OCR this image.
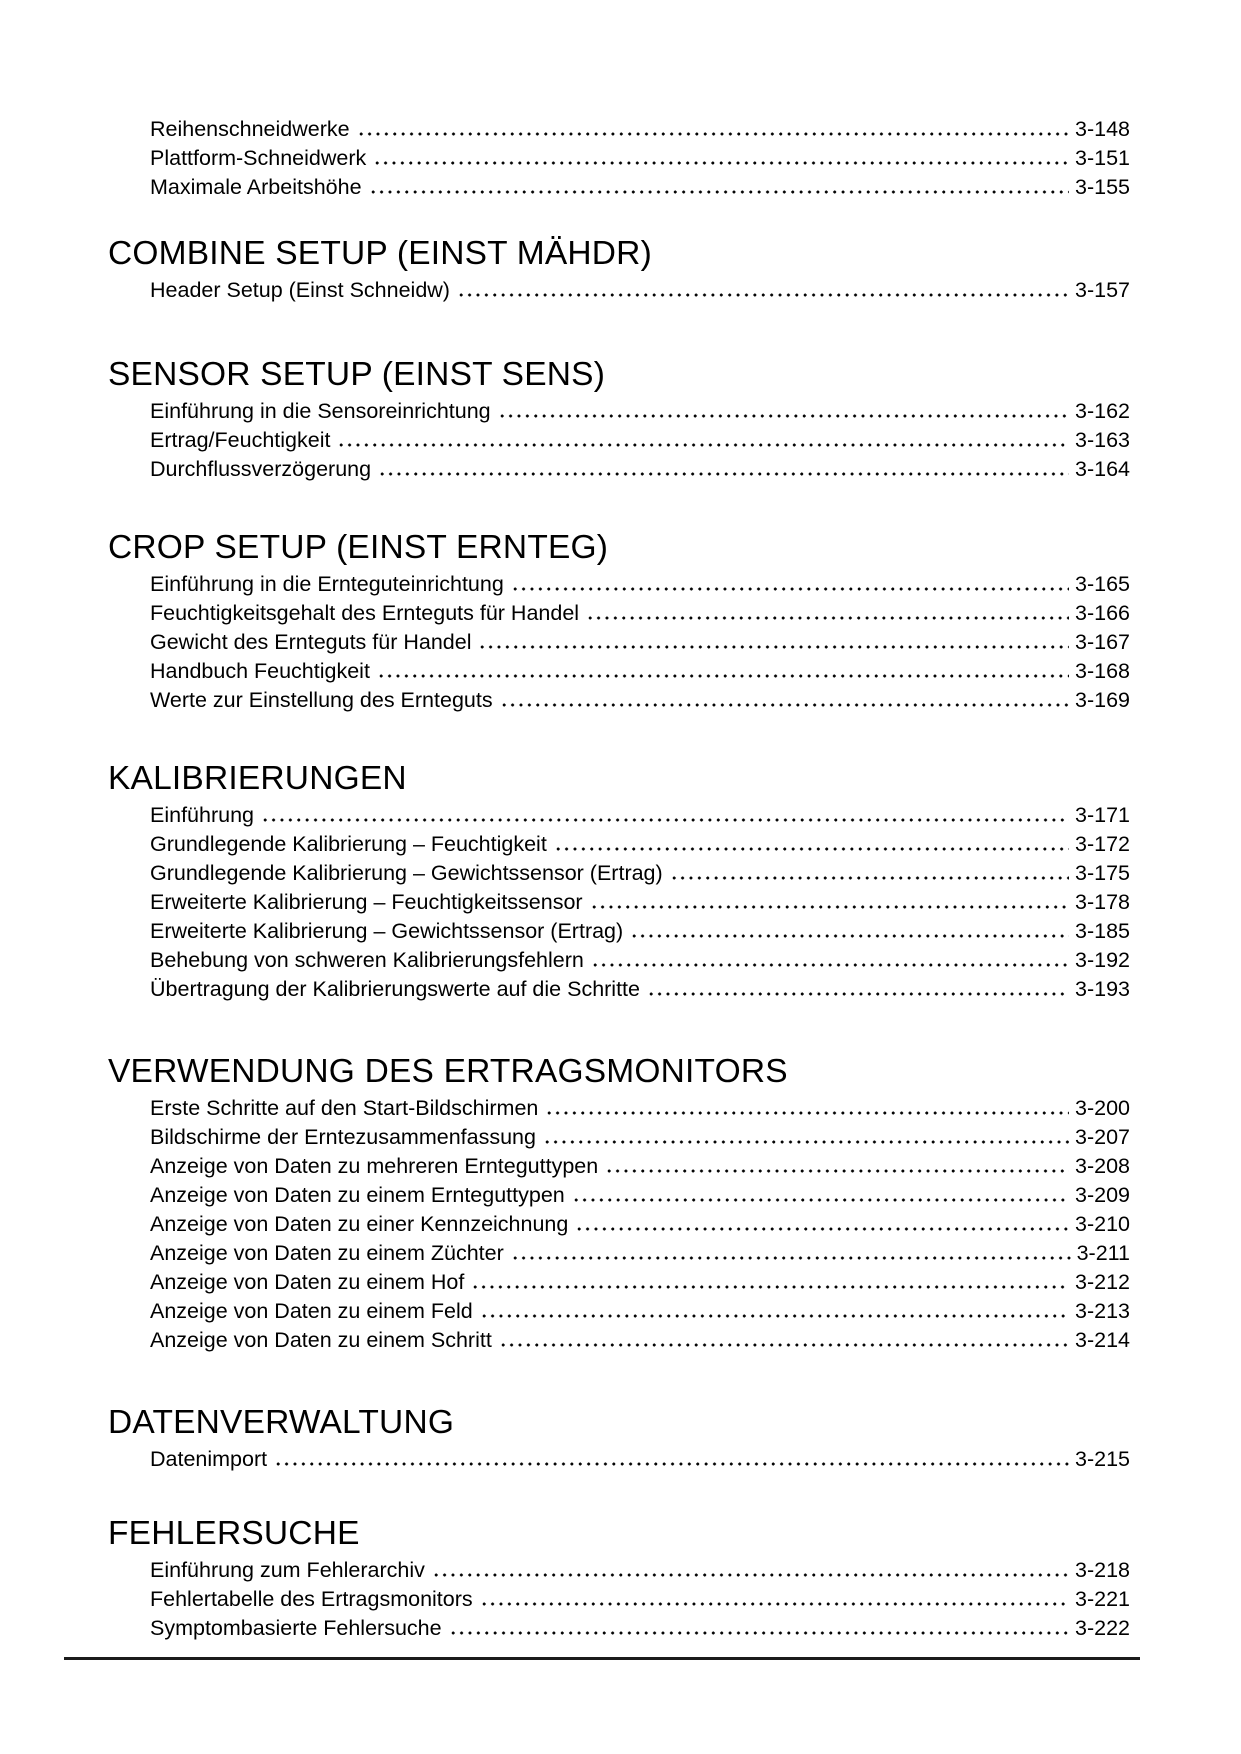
Reihenschneidwerke	3-148
Plattform-Schneidwerk	3-151
Maximale Arbeitshöhe	3-155
COMBINE SETUP (EINST MÄHDR)
Header Setup (Einst Schneidw)	3-157
SENSOR SETUP (EINST SENS)
Einführung in die Sensoreinrichtung	3-162
Ertrag/Feuchtigkeit	3-163
Durchflussverzögerung	3-164
CROP SETUP (EINST ERNTEG)
Einführung in die Ernteguteinrichtung	3-165
Feuchtigkeitsgehalt des Ernteguts für Handel	3-166
Gewicht des Ernteguts für Handel	3-167
Handbuch Feuchtigkeit	3-168
Werte zur Einstellung des Ernteguts	3-169
KALIBRIERUNGEN
Einführung	3-171
Grundlegende Kalibrierung – Feuchtigkeit	3-172
Grundlegende Kalibrierung – Gewichtssensor (Ertrag)	3-175
Erweiterte Kalibrierung – Feuchtigkeitssensor	3-178
Erweiterte Kalibrierung – Gewichtssensor (Ertrag)	3-185
Behebung von schweren Kalibrierungsfehlern	3-192
Übertragung der Kalibrierungswerte auf die Schritte	3-193
VERWENDUNG DES ERTRAGSMONITORS
Erste Schritte auf den Start-Bildschirmen	3-200
Bildschirme der Erntezusammenfassung	3-207
Anzeige von Daten zu mehreren Ernteguttypen	3-208
Anzeige von Daten zu einem Ernteguttypen	3-209
Anzeige von Daten zu einer Kennzeichnung	3-210
Anzeige von Daten zu einem Züchter	3-211
Anzeige von Daten zu einem Hof	3-212
Anzeige von Daten zu einem Feld	3-213
Anzeige von Daten zu einem Schritt	3-214
DATENVERWALTUNG
Datenimport	3-215
FEHLERSUCHE
Einführung zum Fehlerarchiv	3-218
Fehlertabelle des Ertragsmonitors	3-221
Symptombasierte Fehlersuche	3-222
